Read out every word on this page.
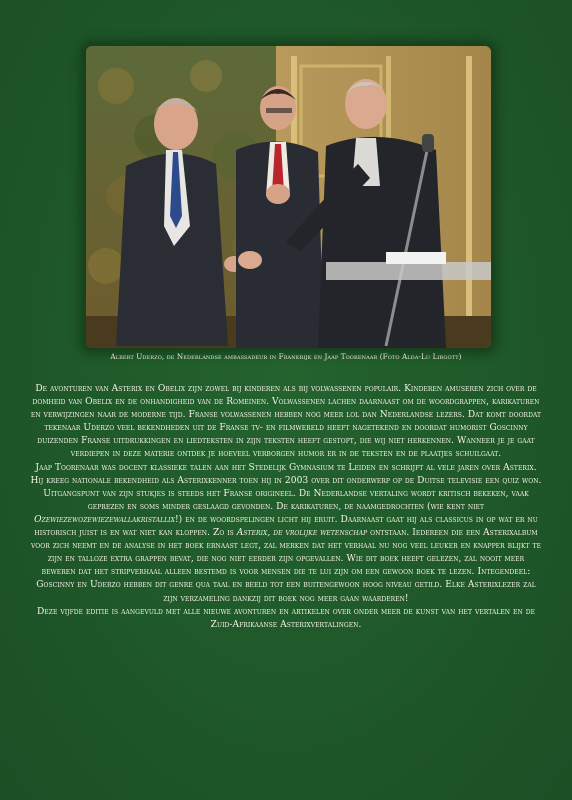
Albert Uderzo, de Nederlandse ambassadeur in Frankrijk en Jaap Toorenaar (Foto Alda-Lu Libgott)

De avonturen van Asterix en Obelix zijn zowel bij kinderen als bij volwassenen populair. Kinderen amuseren zich over de domheid van Obelix en de onhandigheid van de Romeinen. Volwassenen lachen daarnaast om de woordgrappen, karikaturen en verwijzingen naar de moderne tijd. Franse volwassenen hebben nog meer lol dan Nederlandse lezers. Dat komt doordat tekenaar Uderzo veel bekendheden uit de Franse tv- en filmwereld heeft nagetekend en doordat humorist Goscinny duizenden Franse uitdrukkingen en liedteksten in zijn teksten heeft gestopt, die wij niet herkennen. Wanneer je je gaat verdiepen in deze materie ontdek je hoeveel verborgen humor er in de teksten en de plaatjes schuilgaat.

Jaap Toorenaar was docent klassieke talen aan het Stedelijk Gymnasium te Leiden en schrijft al vele jaren over Asterix. Hij kreeg nationale bekendheid als Asterixkenner toen hij in 2003 over dit onderwerp op de Duitse televisie een quiz won. Uitgangspunt van zijn stukjes is steeds het Franse origineel. De Nederlandse vertaling wordt kritisch bekeken, vaak geprezen en soms minder geslaagd gevonden. De karikaturen, de naamgedrochten (wie kent niet Ozewiezewozewiezewallakristallix!) en de woordspelingen licht hij eruit. Daarnaast gaat hij als classicus in op wat er nu historisch juist is en wat niet kan kloppen. Zo is Asterix, de vrolijke wetenschap ontstaan. Iedereen die een Asterixalbum voor zich neemt en de analyse in het boek ernaast legt, zal merken dat het verhaal nu nog veel leuker en knapper blijkt te zijn en talloze extra grappen bevat, die nog niet eerder zijn opgevallen. Wie dit boek heeft gelezen, zal nooit meer beweren dat het stripverhaal alleen bestemd is voor mensen die te lui zijn om een gewoon boek te lezen. Integendeel: Goscinny en Uderzo hebben dit genre qua taal en beeld tot een buitengewoon hoog niveau getild. Elke Asterixlezer zal zijn verzameling dankzij dit boek nog meer gaan waarderen!

Deze vijfde editie is aangevuld met alle nieuwe avonturen en artikelen over onder meer de kunst van het vertalen en de Zuid-Afrikaanse Asterixvertalingen.
